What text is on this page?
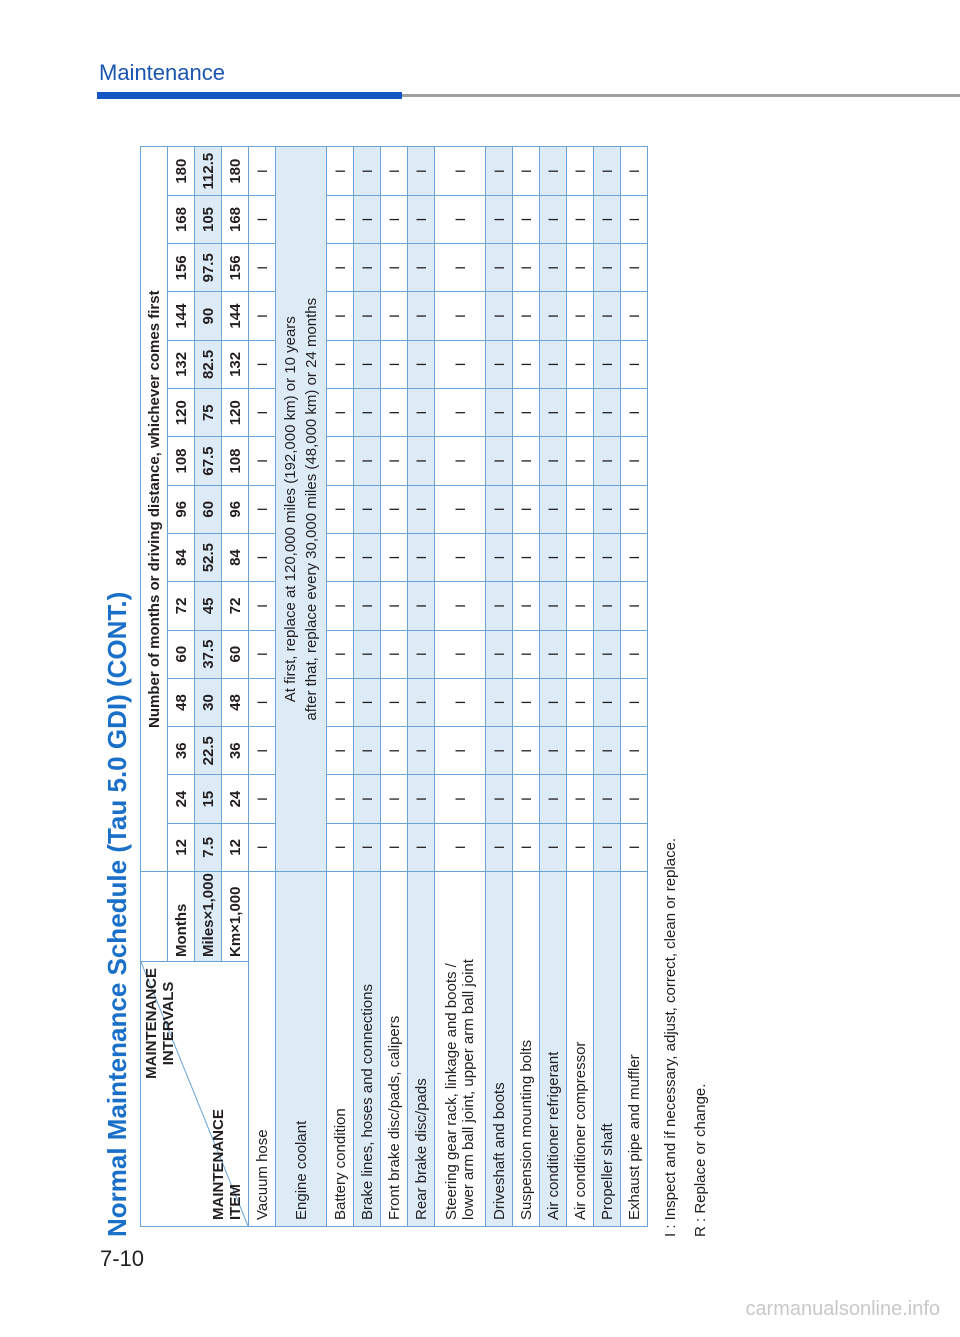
Maintenance
Normal Maintenance Schedule (Tau 5.0 GDI) (CONT.) MAINTENANCE
INTERVALS
MAINTENANCE
ITEM		Number of months or driving distance, whichever comes first														
	Months	12	24	36	48	60	72	84	96	108	120	132	144	156	168	180
	Miles×1,000	7.5	15	22.5	30	37.5	45	52.5	60	67.5	75	82.5	90	97.5	105	112.5
	Km×1,000	12	24	36	48	60	72	84	96	108	120	132	144	156	168	180
Vacuum hose		I	I	I	I	I	I	I	I	I	I	I	I	I	I	I
Engine coolant		At first, replace at 120,000 miles (192,000 km) or 10 years after that, replace every 30,000 miles (48,000 km) or 24 months														
Battery condition		I	I	I	I	I	I	I	I	I	I	I	I	I	I	I
Brake lines, hoses and connections		I	I	I	I	I	I	I	I	I	I	I	I	I	I	I
Front brake disc/pads, calipers		I	I	I	I	I	I	I	I	I	I	I	I	I	I	I
Rear brake disc/pads		I	I	I	I	I	I	I	I	I	I	I	I	I	I	I
Steering gear rack, linkage and boots /
lower arm ball joint, upper arm ball joint		I	I	I	I	I	I	I	I	I	I	I	I	I	I	I
Driveshaft and boots		I	I	I	I	I	I	I	I	I	I	I	I	I	I	I
Suspension mounting bolts		I	I	I	I	I	I	I	I	I	I	I	I	I	I	I
Air conditioner refrigerant		I	I	I	I	I	I	I	I	I	I	I	I	I	I	I
Air conditioner compressor		I	I	I	I	I	I	I	I	I	I	I	I	I	I	I
Propeller shaft		I	I	I	I	I	I	I	I	I	I	I	I	I	I	I
Exhaust pipe and muffler		I	I	I	I	I	I	I	I	I	I	I	I	I	I	I
I : Inspect and if necessary, adjust, correct, clean or replace. R : Replace or change.
7-10
carmanualsonline.info
